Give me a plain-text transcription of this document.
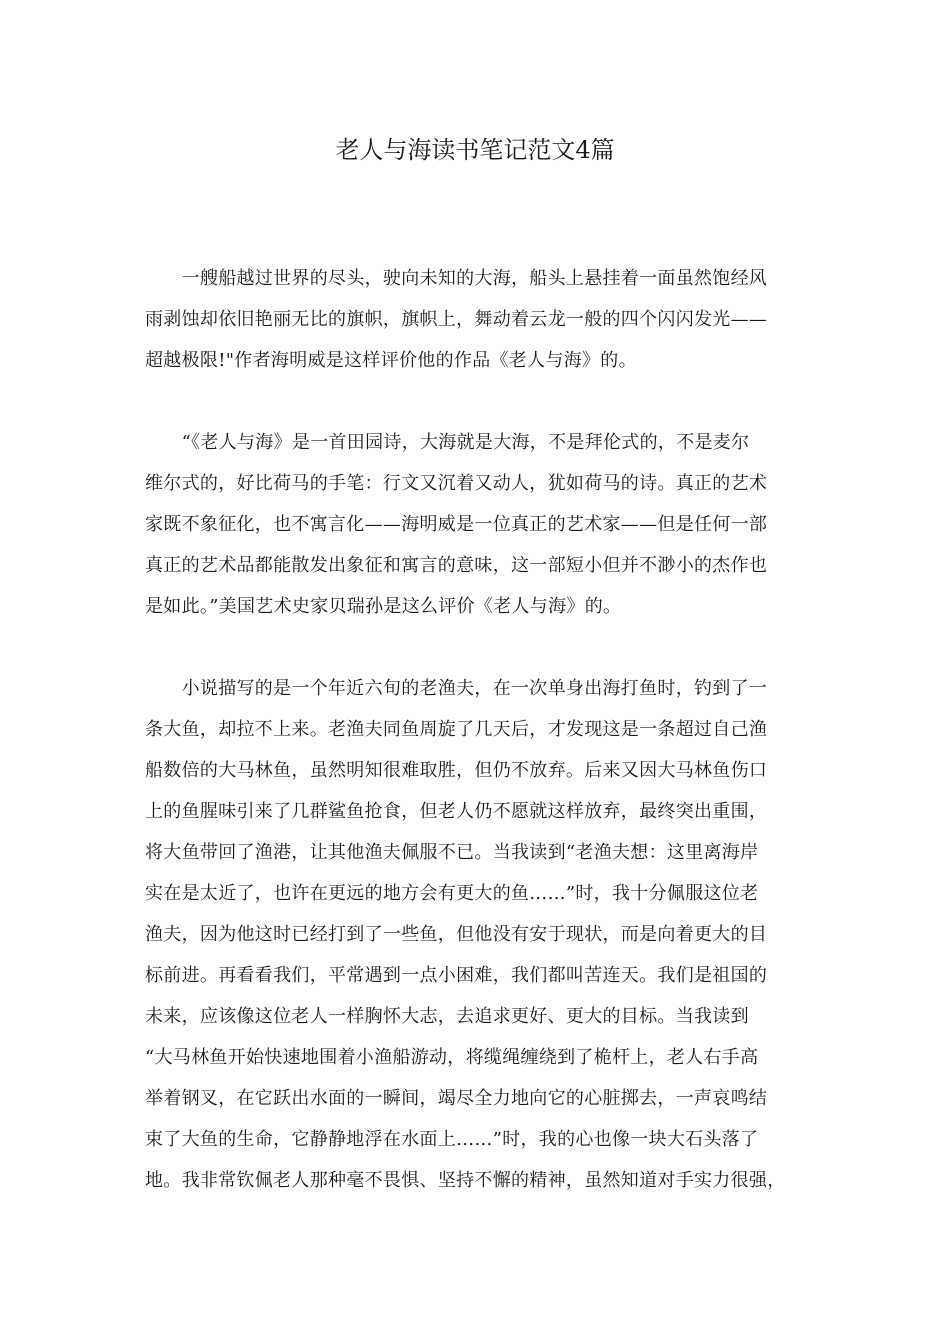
老人与海读书笔记范文4篇
　　一艘船越过世界的尽头，驶向未知的大海，船头上悬挂着一面虽然饱经风
雨剥蚀却依旧艳丽无比的旗帜，旗帜上，舞动着云龙一般的四个闪闪发光——
超越极限!"作者海明威是这样评价他的作品《老人与海》的。
　　“《老人与海》是一首田园诗，大海就是大海，不是拜伦式的，不是麦尔
维尔式的，好比荷马的手笔：行文又沉着又动人，犹如荷马的诗。真正的艺术
家既不象征化，也不寓言化——海明威是一位真正的艺术家——但是任何一部
真正的艺术品都能散发出象征和寓言的意味，这一部短小但并不渺小的杰作也
是如此。”美国艺术史家贝瑞孙是这么评价《老人与海》的。
　　小说描写的是一个年近六旬的老渔夫，在一次单身出海打鱼时，钓到了一
条大鱼，却拉不上来。老渔夫同鱼周旋了几天后，才发现这是一条超过自己渔
船数倍的大马林鱼，虽然明知很难取胜，但仍不放弃。后来又因大马林鱼伤口
上的鱼腥味引来了几群鲨鱼抢食，但老人仍不愿就这样放弃，最终突出重围，
将大鱼带回了渔港，让其他渔夫佩服不已。当我读到“老渔夫想：这里离海岸
实在是太近了，也许在更远的地方会有更大的鱼……”时，我十分佩服这位老
渔夫，因为他这时已经打到了一些鱼，但他没有安于现状，而是向着更大的目
标前进。再看看我们，平常遇到一点小困难，我们都叫苦连天。我们是祖国的
未来，应该像这位老人一样胸怀大志，去追求更好、更大的目标。当我读到
“大马林鱼开始快速地围着小渔船游动，将缆绳缠绕到了桅杆上，老人右手高
举着钢叉，在它跃出水面的一瞬间，竭尽全力地向它的心脏掷去，一声哀鸣结
束了大鱼的生命，它静静地浮在水面上……”时，我的心也像一块大石头落了
地。我非常钦佩老人那种毫不畏惧、坚持不懈的精神，虽然知道对手实力很强，
